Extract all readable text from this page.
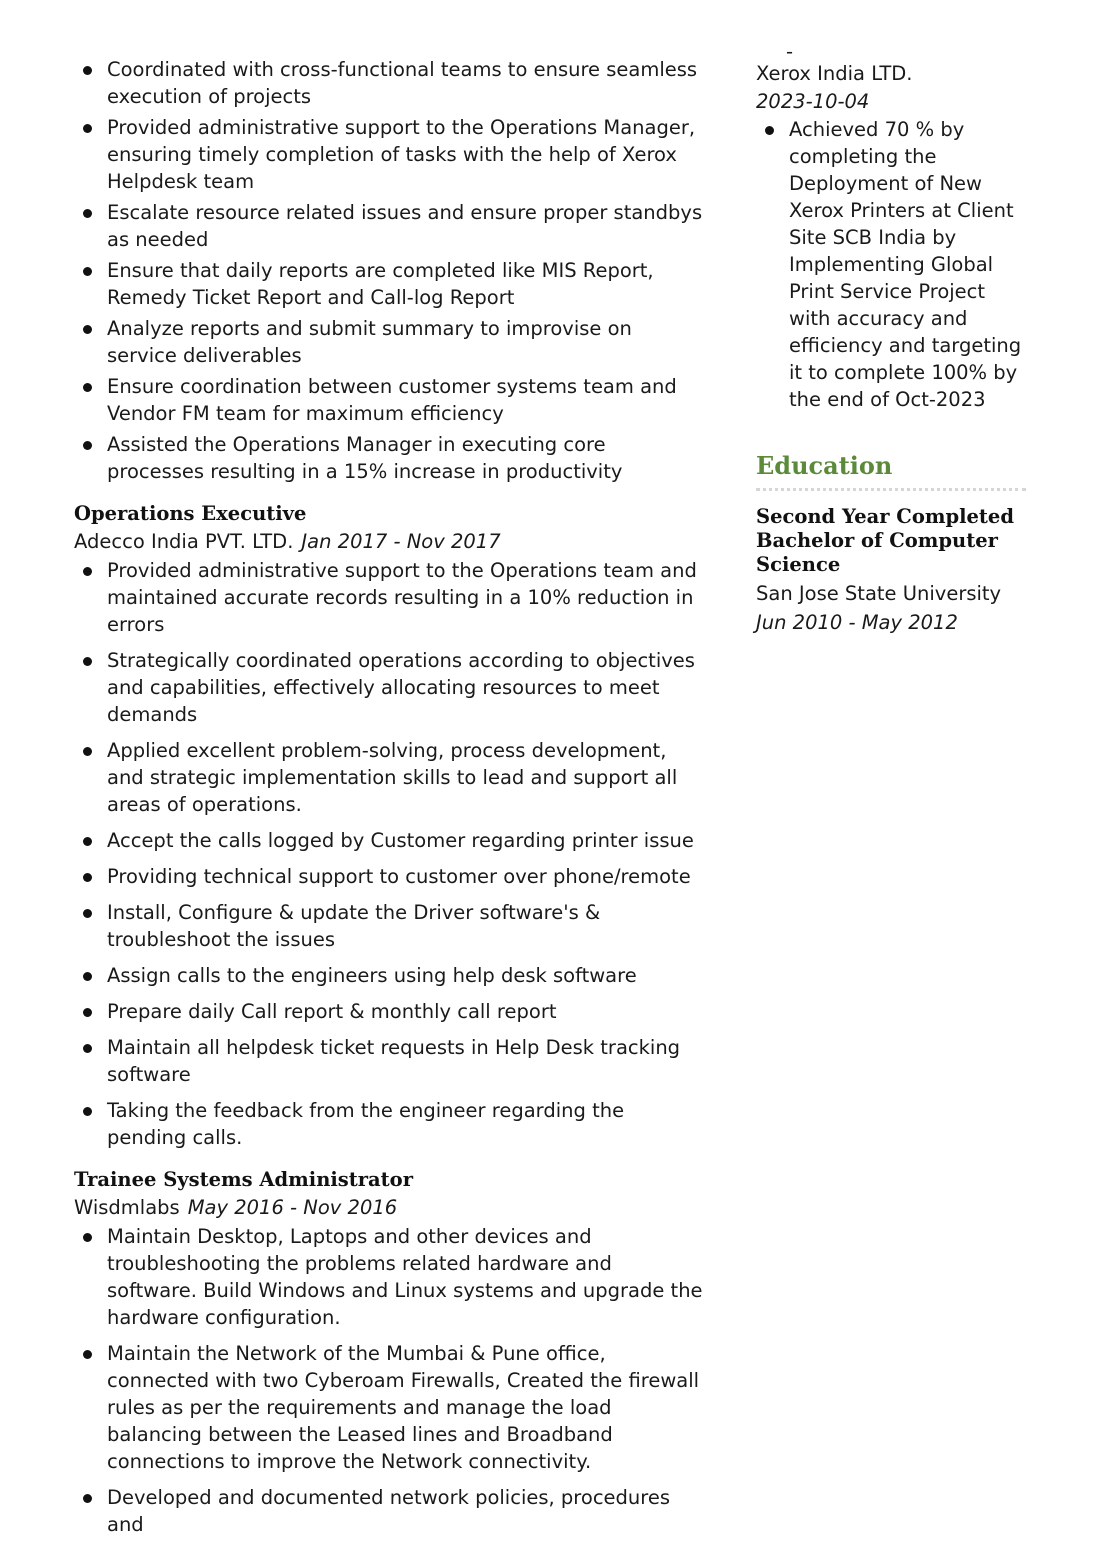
Coordinated with cross-functional teams to ensure seamless execution of projects
Provided administrative support to the Operations Manager, ensuring timely completion of tasks with the help of Xerox Helpdesk team
Escalate resource related issues and ensure proper standbys as needed
Ensure that daily reports are completed like MIS Report, Remedy Ticket Report and Call-log Report
Analyze reports and submit summary to improvise on service deliverables
Ensure coordination between customer systems team and Vendor FM team for maximum efficiency
Assisted the Operations Manager in executing core processes resulting in a 15% increase in productivity
Operations Executive
Adecco India PVT. LTD. Jan 2017 - Nov 2017
Provided administrative support to the Operations team and maintained accurate records resulting in a 10% reduction in errors
Strategically coordinated operations according to objectives and capabilities, effectively allocating resources to meet demands
Applied excellent problem-solving, process development, and strategic implementation skills to lead and support all areas of operations.
Accept the calls logged by Customer regarding printer issue
Providing technical support to customer over phone/remote
Install, Configure & update the Driver software's & troubleshoot the issues
Assign calls to the engineers using help desk software
Prepare daily Call report & monthly call report
Maintain all helpdesk ticket requests in Help Desk tracking software
Taking the feedback from the engineer regarding the pending calls.
Trainee Systems Administrator
Wisdmlabs May 2016 - Nov 2016
Maintain Desktop, Laptops and other devices and troubleshooting the problems related hardware and software. Build Windows and Linux systems and upgrade the hardware configuration.
Maintain the Network of the Mumbai & Pune office, connected with two Cyberoam Firewalls, Created the firewall rules as per the requirements and manage the load balancing between the Leased lines and Broadband connections to improve the Network connectivity.
Developed and documented network policies, procedures and
-
Xerox India LTD.
2023-10-04
Achieved 70 % by completing the Deployment of New Xerox Printers at Client Site SCB India by Implementing Global Print Service Project with accuracy and efficiency and targeting it to complete 100% by the end of Oct-2023
Education
Second Year Completed Bachelor of Computer Science
San Jose State University
Jun 2010 - May 2012
